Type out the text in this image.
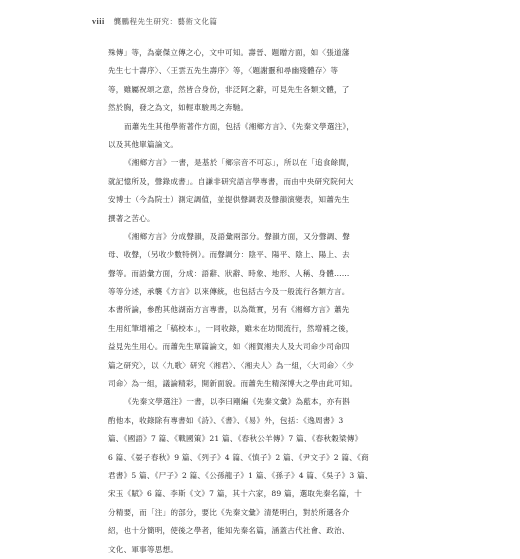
viii 龔鵬程先生研究：藝術文化篇
殊傳」等，為豪傑立傳之心，文中可知。壽晉、題贈方面，如〈張道藩
先生七十壽序〉、〈王雲五先生壽序〉等，〈題謝靈和尋幽殘體存〉等
等，雖屬祝頌之意，然皆合身份，非泛阿之辭，可見先生各類文體，了
然於胸，發之為文，如輕車駿馬之奔馳。
而蕭先生其他學術著作方面，包括《湘鄉方言》、《先秦文學選注》，
以及其他單篇論文。
《湘鄉方言》一書，是基於「鄉宗音不可忘」，所以在「追食餘間，
就記憶所及，聲錄成書」。自謙非研究語言學專書，而由中央研究院何大
安博士（今為院士）測定調值，並提供聲調表及聲韻演變表，知蕭先生
撰著之苦心。
《湘鄉方言》分成聲韻，及語彙兩部分。聲韻方面，又分聲調、聲
母、收聲，（另收少數特例）。而聲調分：陰平、陽平、陰上、陽上、去
聲等。而語彙方面，分成：語辭、狀辭、時象、地形、人稱、身體……
等等分述，承襲《方言》以來傳統，也包括古今及一般流行各類方言。
本書所論，參酌其他湖南方言專書，以為徵實，另有《湘鄉方言》蕭先
生用紅筆增補之「稿校本」，一同收錄，雖未在坊間流行，然增補之後，
益見先生用心。而蕭先生單篇論文，如〈湘賀湘夫人及大司命少司命四
篇之研究〉，以〈九歌〉研究〈湘君〉、〈湘夫人〉為一組，〈大司命〉〈少
司命〉為一組，議論精彩，開新面貌。而蕭先生精深博大之學由此可知。
《先秦文學選注》一書，以李曰剛編《先秦文彙》為藍本，亦有斟
酌他本，收錄除有專書如《詩》、《書》、《易》外，包括：《逸周書》3
篇、《國語》7 篇、《戰國策》21 篇、《春秋公羊傳》7 篇、《春秋穀梁傳》
6 篇、《晏子春秋》9 篇、《列子》4 篇、《慎子》2 篇、《尹文子》2 篇、《商
君書》5 篇、《尸子》2 篇、《公孫龍子》1 篇、《孫子》4 篇、《吳子》3 篇、
宋玉《賦》6 篇、李斯《文》7 篇，其十六家，89 篇，選取先秦名篇，十
分精要，而「注」的部分，要比《先秦文彙》清楚明白，對於所選各介
紹，也十分簡明，使後之學者，能知先秦名篇，涵蓋古代社會、政治、
文化、軍事等思想。
